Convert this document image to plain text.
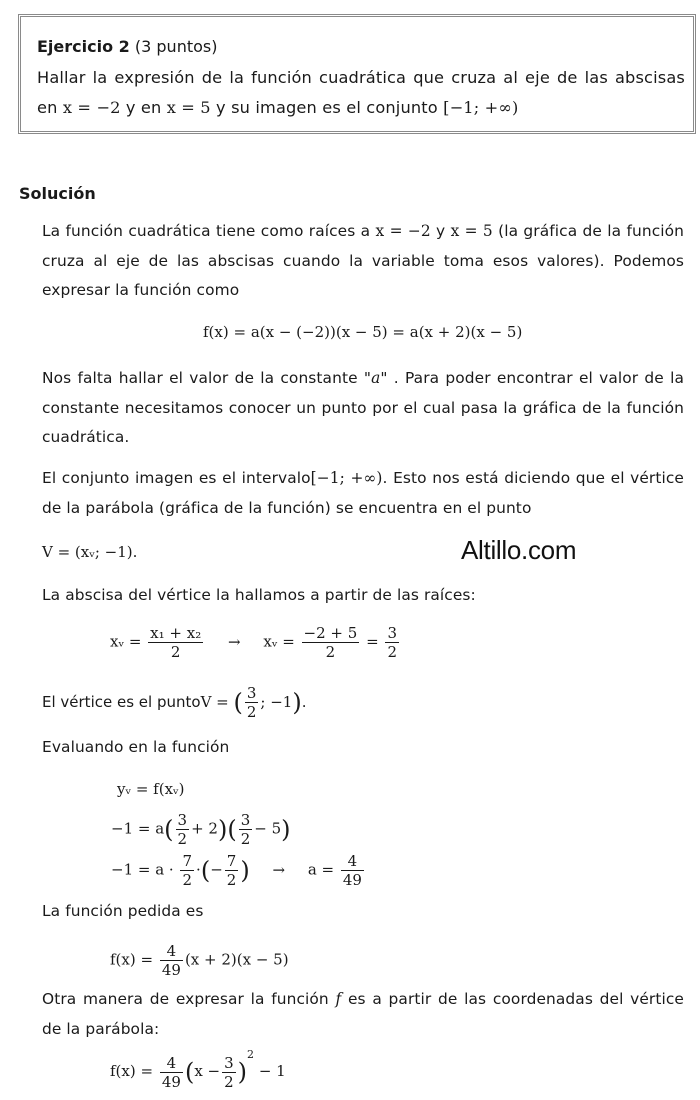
Ejercicio 2 (3 puntos)

Hallar la expresión de la función cuadrática que cruza al eje de las abscisas en x = −2 y en x = 5 y su imagen es el conjunto [−1; +∞)

Solución

La función cuadrática tiene como raíces a x = −2 y x = 5 (la gráfica de la función cruza al eje de las abscisas cuando la variable toma esos valores). Podemos expresar la función como

f(x) = a(x − (−2))(x − 5) = a(x + 2)(x − 5)

Nos falta hallar el valor de la constante "a" . Para poder encontrar el valor de la constante necesitamos conocer un punto por el cual pasa la gráfica de la función cuadrática.

El conjunto imagen es el intervalo[−1; +∞). Esto nos está diciendo que el vértice de la parábola (gráfica de la función) se encuentra en el punto

V = (xᵥ; −1).	Altillo.com

La abscisa del vértice la hallamos a partir de las raíces:

xᵥ = $\frac{\text{x₁ + x₂}}{2}$ → xᵥ = $\frac{-2 + 5}{2} = \frac{3}{2}$
El vértice es el puntoV = ( $\frac{3}{2}$ ; −1).

Evaluando en la función

yᵥ = f(xᵥ)
$-1 = a( \frac{3}{2} + 2)( \frac{3}{2} - 5)$
$-1 = a \cdot \frac{7}{2}$ ·(− $\frac{7}{2}$ ) → $a = \frac{4}{49}$

La función pedida es

$f(x) = \frac{4}{49} (x + 2)(x - 5)$

Otra manera de expresar la función f es a partir de las coordenadas del vértice de la parábola:

$f(x) = \frac{4}{49} (x - \frac{3}{2} )^2 - 1$
